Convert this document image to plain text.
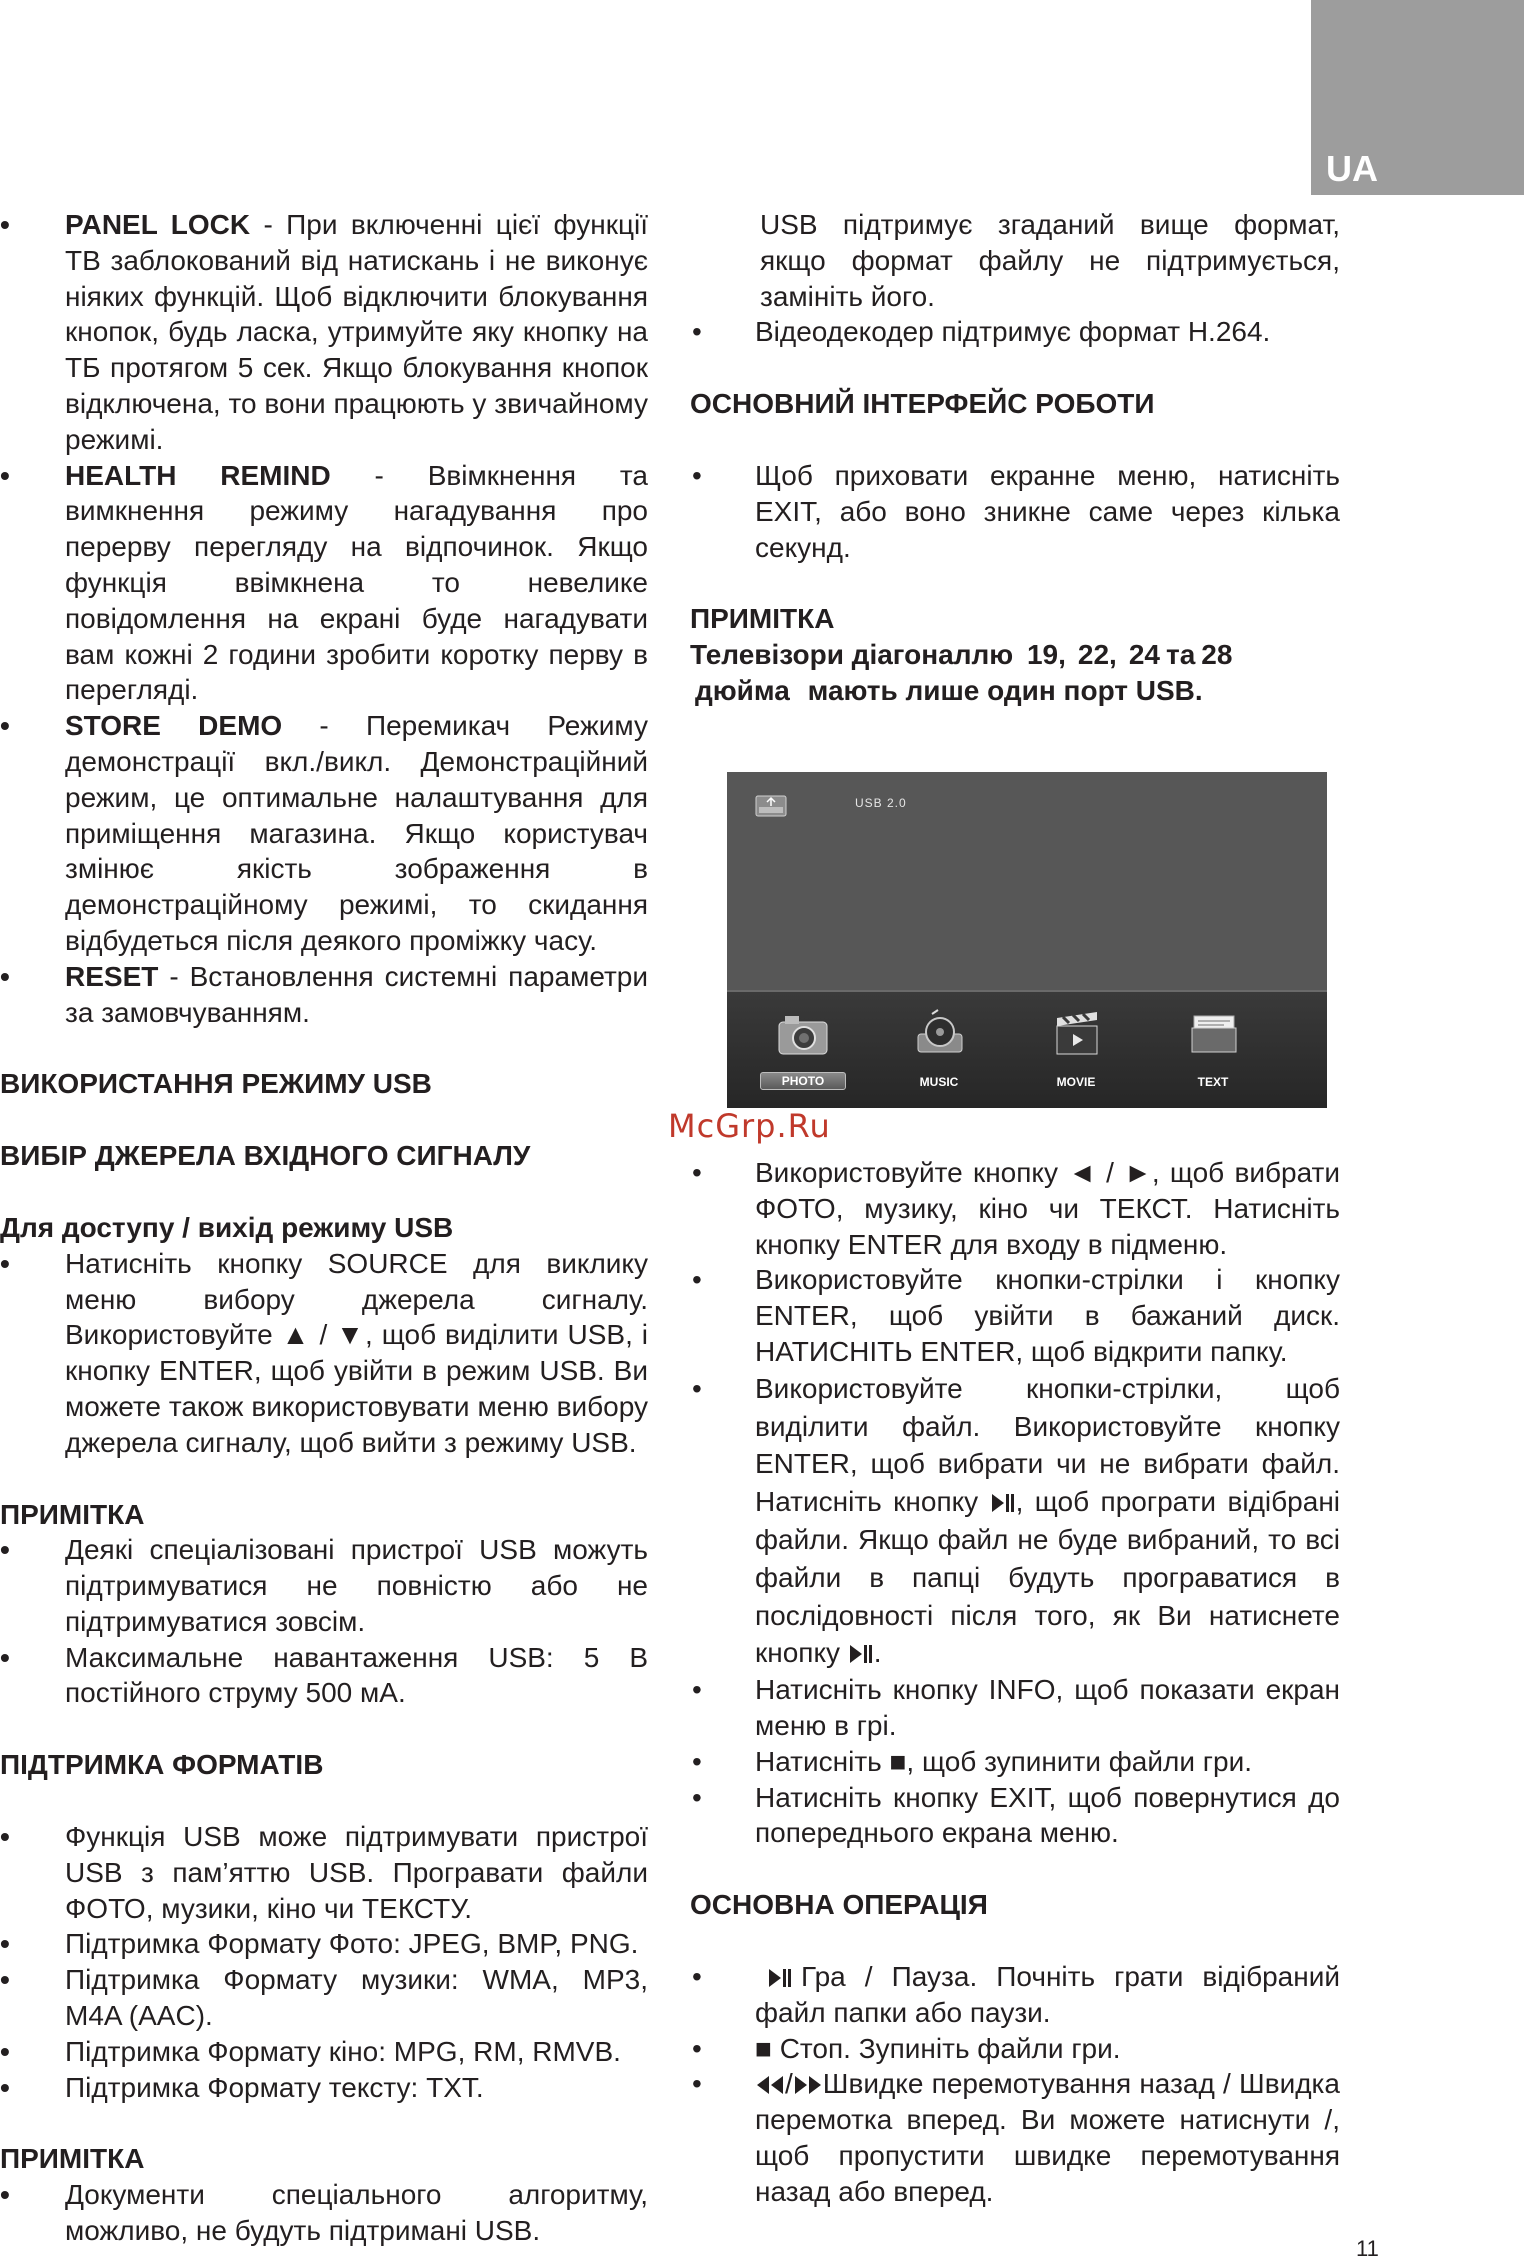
UA
• PANEL LOCK - При включенні цієї функції ТВ заблокований від натискань і не виконує ніяких функцій. Щоб відключити блокування кнопок, будь ласка, утримуйте яку кнопку на ТБ протягом 5 сек. Якщо блокування кнопок відключена, то вони працюють у звичайному режимі.
• HEALTH REMIND - Ввімкнення та вимкнення режиму нагадування про перерву перегляду на відпочинок. Якщо функція ввімкнена то невелике повідомлення на екрані буде нагадувати вам кожні 2 години зробити коротку перву в перегляді.
• STORE DEMO - Перемикач Режиму демонстрації вкл./викл. Демонстраційний режим, це оптимальне налаштування для приміщення магазина. Якщо користувач змінює якість зображення в демонстраційному режимі, то скидання відбудеться після деякого проміжку часу.
• RESET - Встановлення системні параметри за замовчуванням.
ВИКОРИСТАННЯ РЕЖИМУ USB
ВИБІР ДЖЕРЕЛА ВХІДНОГО СИГНАЛУ
Для доступу / вихід режиму USB
• Натисніть кнопку SOURCE для виклику меню вибору джерела сигналу. Використовуйте ▲ / ▼, щоб виділити USB, і кнопку ENTER, щоб увійти в режим USB. Ви можете також використовувати меню вибору джерела сигналу, щоб вийти з режиму USB.
ПРИМІТКА
• Деякі спеціалізовані пристрої USB можуть підтримуватися не повністю або не підтримуватися зовсім.
• Максимальне навантаження USB: 5 В постійного струму 500 мА.
ПІДТРИМКА ФОРМАТІВ
• Функція USB може підтримувати пристрої USB з пам’яттю USB. Програвати файли ФОТО, музики, кіно чи ТЕКСТУ.
• Підтримка Формату Фото: JPEG, BMP, PNG.
• Підтримка Формату музики: WMA, MP3, M4A (AAC).
• Підтримка Формату кіно: MPG, RM, RMVB.
• Підтримка Формату тексту: TXT.
ПРИМІТКА
• Документи спеціального алгоритму, можливо, не будуть підтримані USB.
USB підтримує згаданий вище формат, якщо формат файлу не підтримується, замініть його.
• Відеодекодер підтримує формат H.264.
ОСНОВНИЙ ІНТЕРФЕЙС РОБОТИ
• Щоб приховати екранне меню, натисніть EXIT, або воно зникне саме через кілька секунд.
ПРИМІТКА
Телевізори діагоналлю 19, 22, 24 та 28
дюйма мають лише один порт USB.
USB 2.0
PHOTO	MUSIC	MOVIE	TEXT
McGrp.Ru
• Використовуйте кнопку ◄ / ►, щоб вибрати ФОТО, музику, кіно чи ТЕКСТ. Натисніть кнопку ENTER для входу в підменю.
• Використовуйте кнопки-стрілки і кнопку ENTER, щоб увійти в бажаний диск. НАТИСНІТЬ ENTER, щоб відкрити папку.
• Використовуйте кнопки-стрілки, щоб виділити файл. Використовуйте кнопку ENTER, щоб вибрати чи не вибрати файл. Натисніть кнопку , щоб програти відібрані файли. Якщо файл не буде вибраний, то всі файли в папці будуть програватися в послідовності після того, як Ви натиснете кнопку .
• Натисніть кнопку INFO, щоб показати екран меню в грі.
• Натисніть ■, щоб зупинити файли гри.
• Натисніть кнопку EXIT, щоб повернутися до попереднього екрана меню.
ОСНОВНА ОПЕРАЦІЯ
•	Гра / Пауза. Почніть грати відібраний файл папки або паузи.
• ■ Стоп. Зупиніть файли гри.
•	/ Швидке перемотування назад / Швидка перемотка вперед. Ви можете натиснути /, щоб пропустити швидке перемотування назад або вперед.
11
